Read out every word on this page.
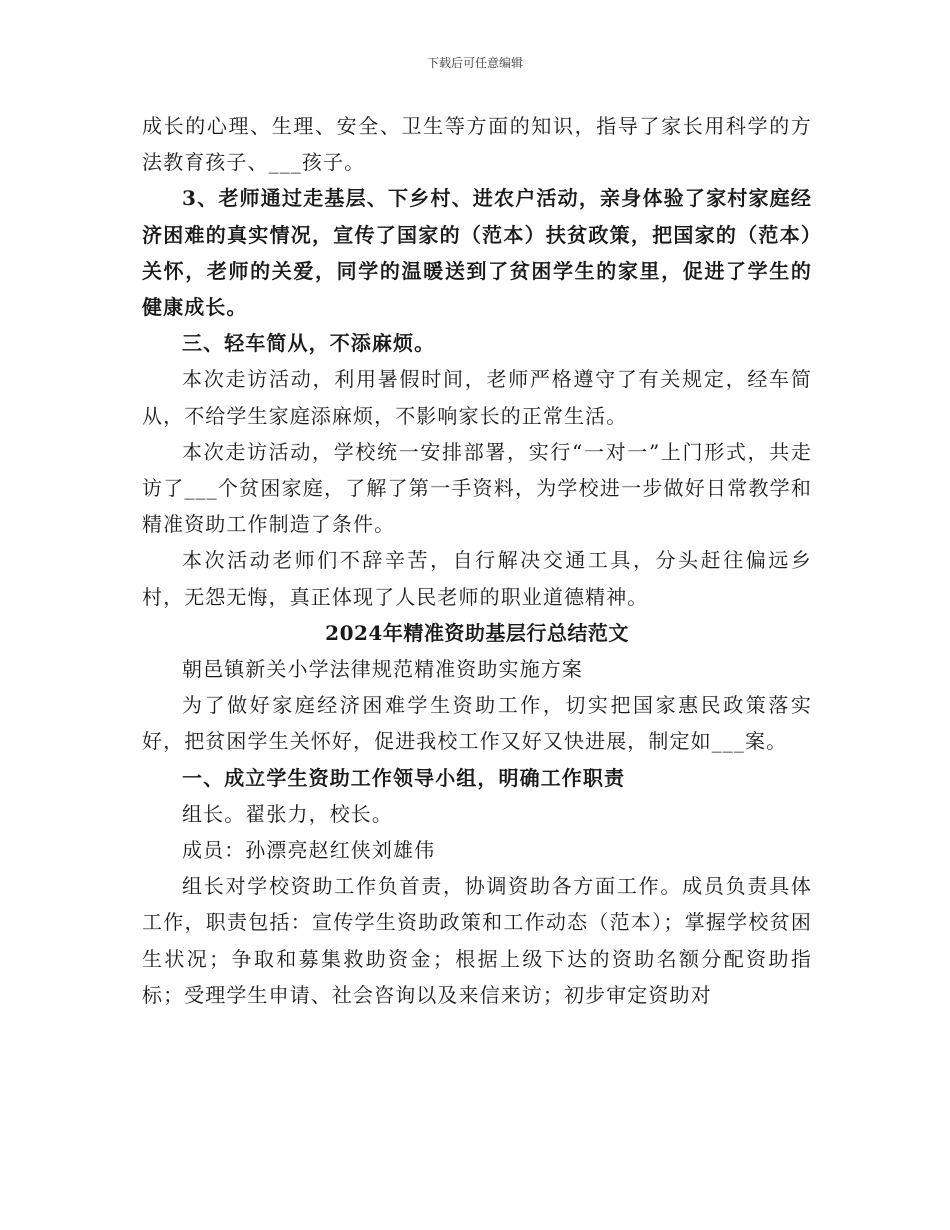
下载后可任意编辑

成长的心理、生理、安全、卫生等方面的知识，指导了家长用科学的方法教育孩子、___孩子。

3、老师通过走基层、下乡村、进农户活动，亲身体验了家村家庭经济困难的真实情况，宣传了国家的（范本）扶贫政策，把国家的（范本）关怀，老师的关爱，同学的温暖送到了贫困学生的家里，促进了学生的健康成长。

三、轻车简从，不添麻烦。

本次走访活动，利用暑假时间，老师严格遵守了有关规定，经车简从，不给学生家庭添麻烦，不影响家长的正常生活。

本次走访活动，学校统一安排部署，实行“一对一”上门形式，共走访了___个贫困家庭，了解了第一手资料，为学校进一步做好日常教学和精准资助工作制造了条件。

本次活动老师们不辞辛苦，自行解决交通工具，分头赶往偏远乡村，无怨无悔，真正体现了人民老师的职业道德精神。

2024年精准资助基层行总结范文

朝邑镇新关小学法律规范精准资助实施方案

为了做好家庭经济困难学生资助工作，切实把国家惠民政策落实好，把贫困学生关怀好，促进我校工作又好又快进展，制定如___案。

一、成立学生资助工作领导小组，明确工作职责

组长。翟张力，校长。

成员：孙漂亮赵红侠刘雄伟

组长对学校资助工作负首责，协调资助各方面工作。成员负责具体工作，职责包括：宣传学生资助政策和工作动态（范本）；掌握学校贫困生状况；争取和募集救助资金；根据上级下达的资助名额分配资助指标；受理学生申请、社会咨询以及来信来访；初步审定资助对
